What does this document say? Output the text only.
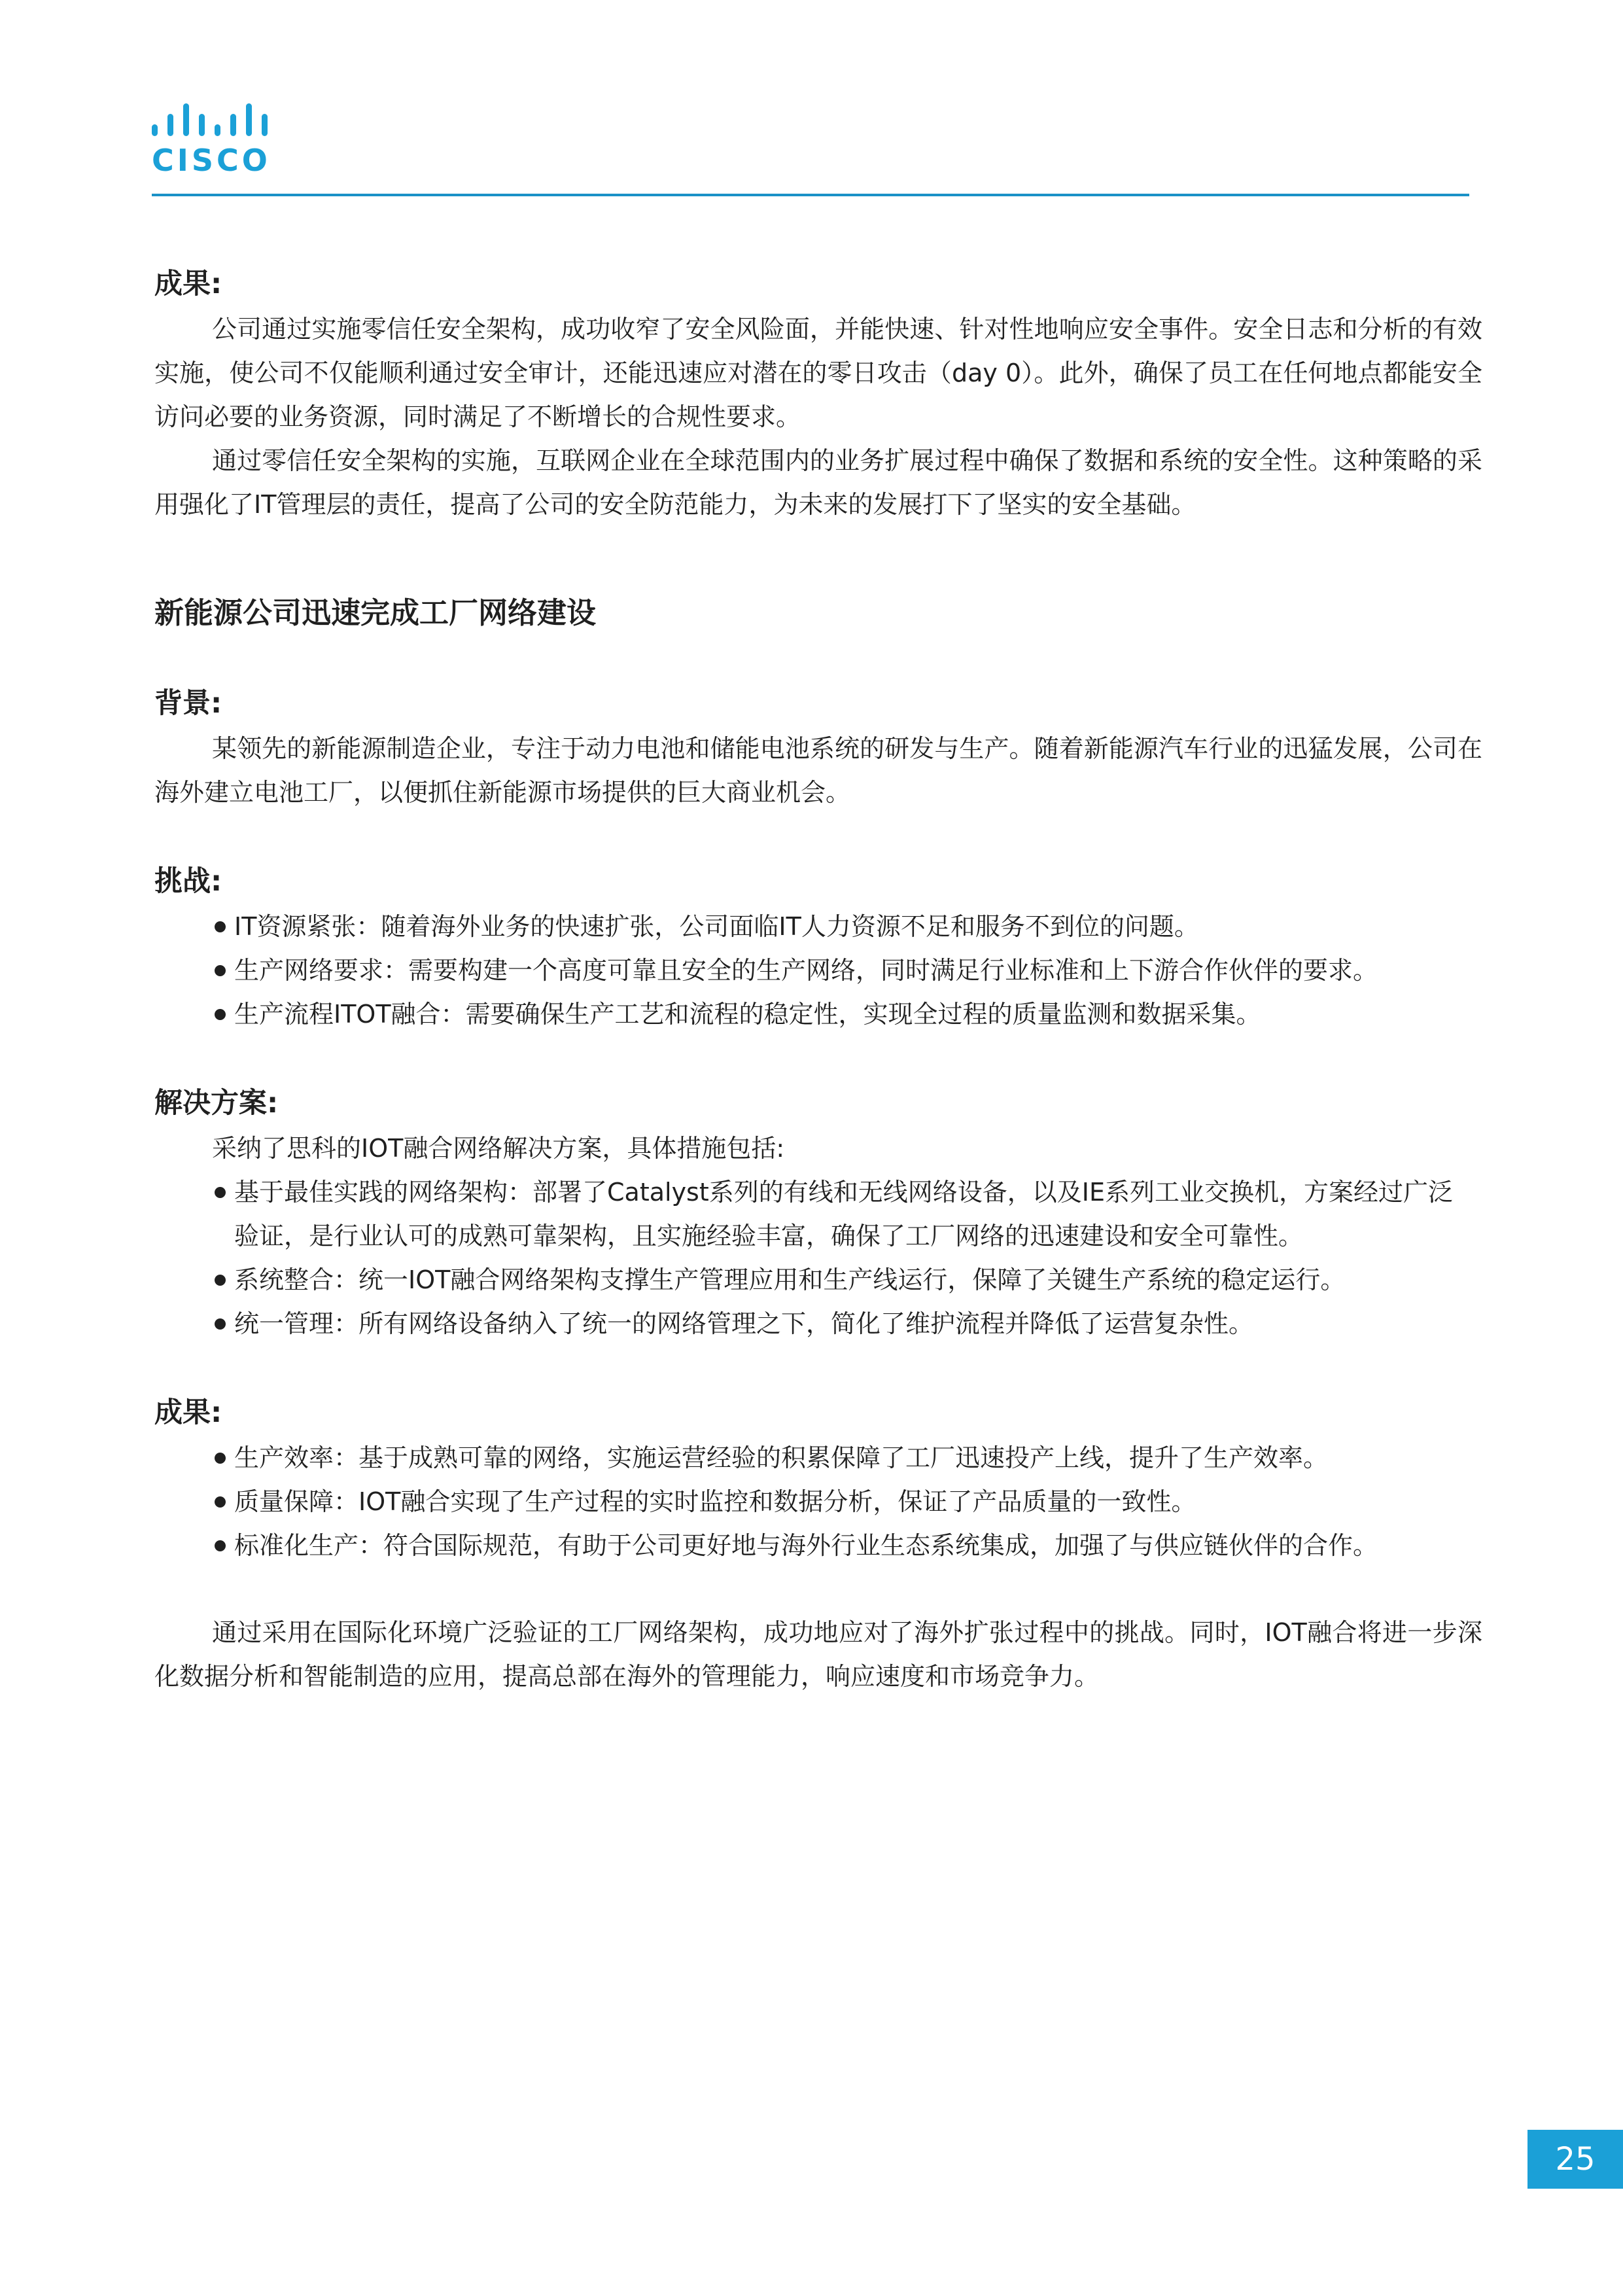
CISCO
成果:

公司通过实施零信任安全架构，成功收窄了安全风险面，并能快速、针对性地响应安全事件。安全日志和分析的有效实施，使公司不仅能顺利通过安全审计，还能迅速应对潜在的零日攻击（day 0）。此外，确保了员工在任何地点都能安全访问必要的业务资源，同时满足了不断增长的合规性要求。

通过零信任安全架构的实施，互联网企业在全球范围内的业务扩展过程中确保了数据和系统的安全性。这种策略的采用强化了IT管理层的责任，提高了公司的安全防范能力，为未来的发展打下了坚实的安全基础。

新能源公司迅速完成工厂网络建设
背景:

某领先的新能源制造企业，专注于动力电池和储能电池系统的研发与生产。随着新能源汽车行业的迅猛发展，公司在海外建立电池工厂，以便抓住新能源市场提供的巨大商业机会。

挑战:
IT资源紧张：随着海外业务的快速扩张，公司面临IT人力资源不足和服务不到位的问题。
生产网络要求：需要构建一个高度可靠且安全的生产网络，同时满足行业标准和上下游合作伙伴的要求。
生产流程ITOT融合：需要确保生产工艺和流程的稳定性，实现全过程的质量监测和数据采集。
解决方案:

采纳了思科的IOT融合网络解决方案，具体措施包括:

基于最佳实践的网络架构：部署了Catalyst系列的有线和无线网络设备，以及IE系列工业交换机，方案经过广泛验证，是行业认可的成熟可靠架构，且实施经验丰富，确保了工厂网络的迅速建设和安全可靠性。
系统整合：统一IOT融合网络架构支撑生产管理应用和生产线运行，保障了关键生产系统的稳定运行。
统一管理：所有网络设备纳入了统一的网络管理之下，简化了维护流程并降低了运营复杂性。
成果:
生产效率：基于成熟可靠的网络，实施运营经验的积累保障了工厂迅速投产上线，提升了生产效率。
质量保障：IOT融合实现了生产过程的实时监控和数据分析，保证了产品质量的一致性。
标准化生产：符合国际规范，有助于公司更好地与海外行业生态系统集成，加强了与供应链伙伴的合作。

通过采用在国际化环境广泛验证的工厂网络架构，成功地应对了海外扩张过程中的挑战。同时，IOT融合将进一步深化数据分析和智能制造的应用，提高总部在海外的管理能力，响应速度和市场竞争力。

25
